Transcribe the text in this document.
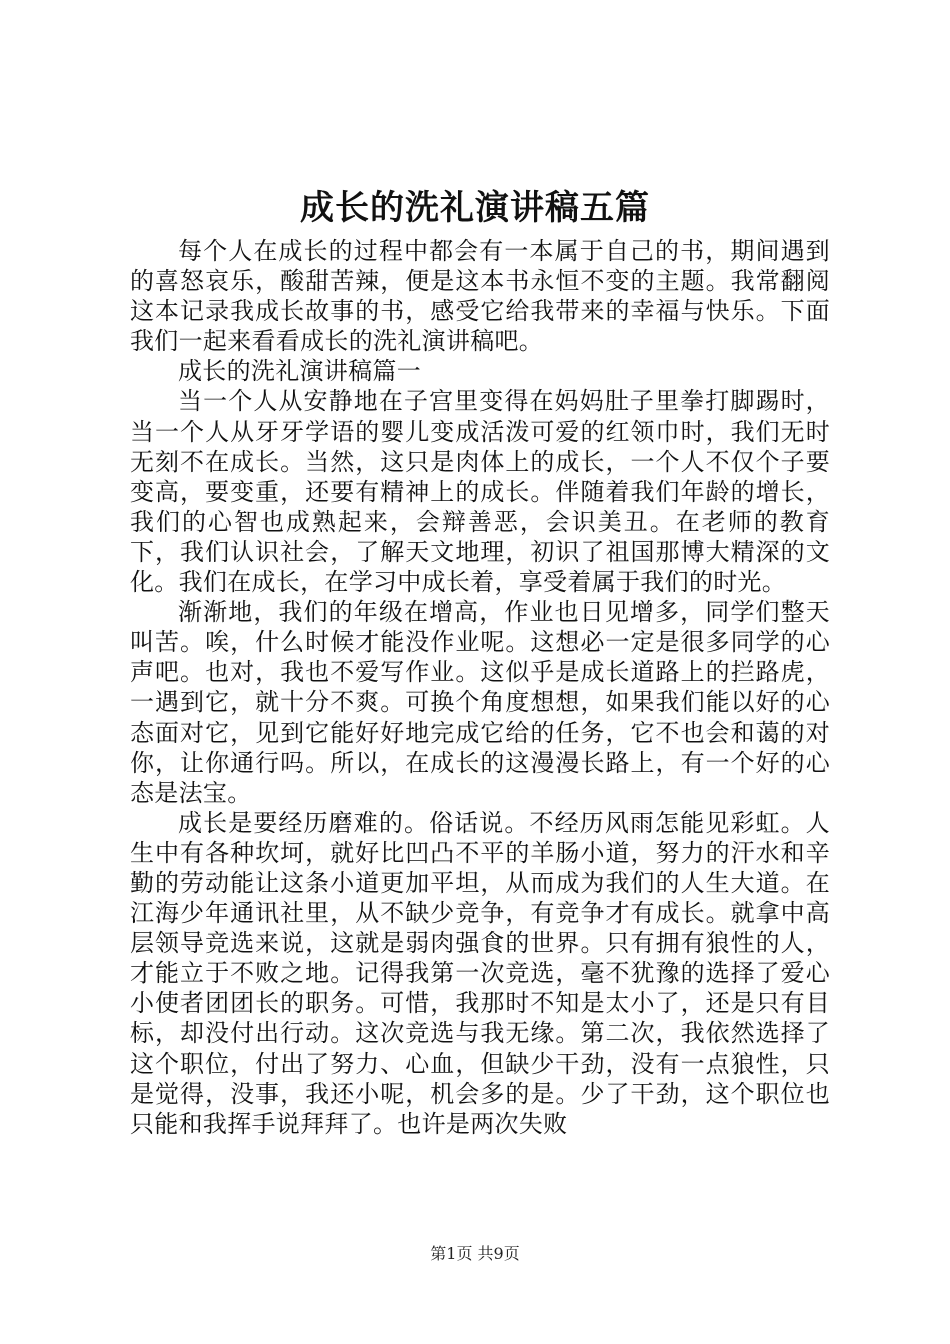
成长的洗礼演讲稿五篇

每个人在成长的过程中都会有一本属于自己的书，期间遇到的喜怒哀乐，酸甜苦辣，便是这本书永恒不变的主题。我常翻阅这本记录我成长故事的书，感受它给我带来的幸福与快乐。下面我们一起来看看成长的洗礼演讲稿吧。

成长的洗礼演讲稿篇一

当一个人从安静地在子宫里变得在妈妈肚子里拳打脚踢时，当一个人从牙牙学语的婴儿变成活泼可爱的红领巾时，我们无时无刻不在成长。当然，这只是肉体上的成长，一个人不仅个子要变高，要变重，还要有精神上的成长。伴随着我们年龄的增长，我们的心智也成熟起来，会辩善恶，会识美丑。在老师的教育下，我们认识社会，了解天文地理，初识了祖国那博大精深的文化。我们在成长，在学习中成长着，享受着属于我们的时光。

渐渐地，我们的年级在增高，作业也日见增多，同学们整天叫苦。唉，什么时候才能没作业呢。这想必一定是很多同学的心声吧。也对，我也不爱写作业。这似乎是成长道路上的拦路虎，一遇到它，就十分不爽。可换个角度想想，如果我们能以好的心态面对它，见到它能好好地完成它给的任务，它不也会和蔼的对你，让你通行吗。所以，在成长的这漫漫长路上，有一个好的心态是法宝。

成长是要经历磨难的。俗话说。不经历风雨怎能见彩虹。人生中有各种坎坷，就好比凹凸不平的羊肠小道，努力的汗水和辛勤的劳动能让这条小道更加平坦，从而成为我们的人生大道。在江海少年通讯社里，从不缺少竞争，有竞争才有成长。就拿中高层领导竞选来说，这就是弱肉强食的世界。只有拥有狼性的人，才能立于不败之地。记得我第一次竞选，毫不犹豫的选择了爱心小使者团团长的职务。可惜，我那时不知是太小了，还是只有目标，却没付出行动。这次竞选与我无缘。第二次，我依然选择了这个职位，付出了努力、心血，但缺少干劲，没有一点狼性，只是觉得，没事，我还小呢，机会多的是。少了干劲，这个职位也只能和我挥手说拜拜了。也许是两次失败

第1页 共9页
